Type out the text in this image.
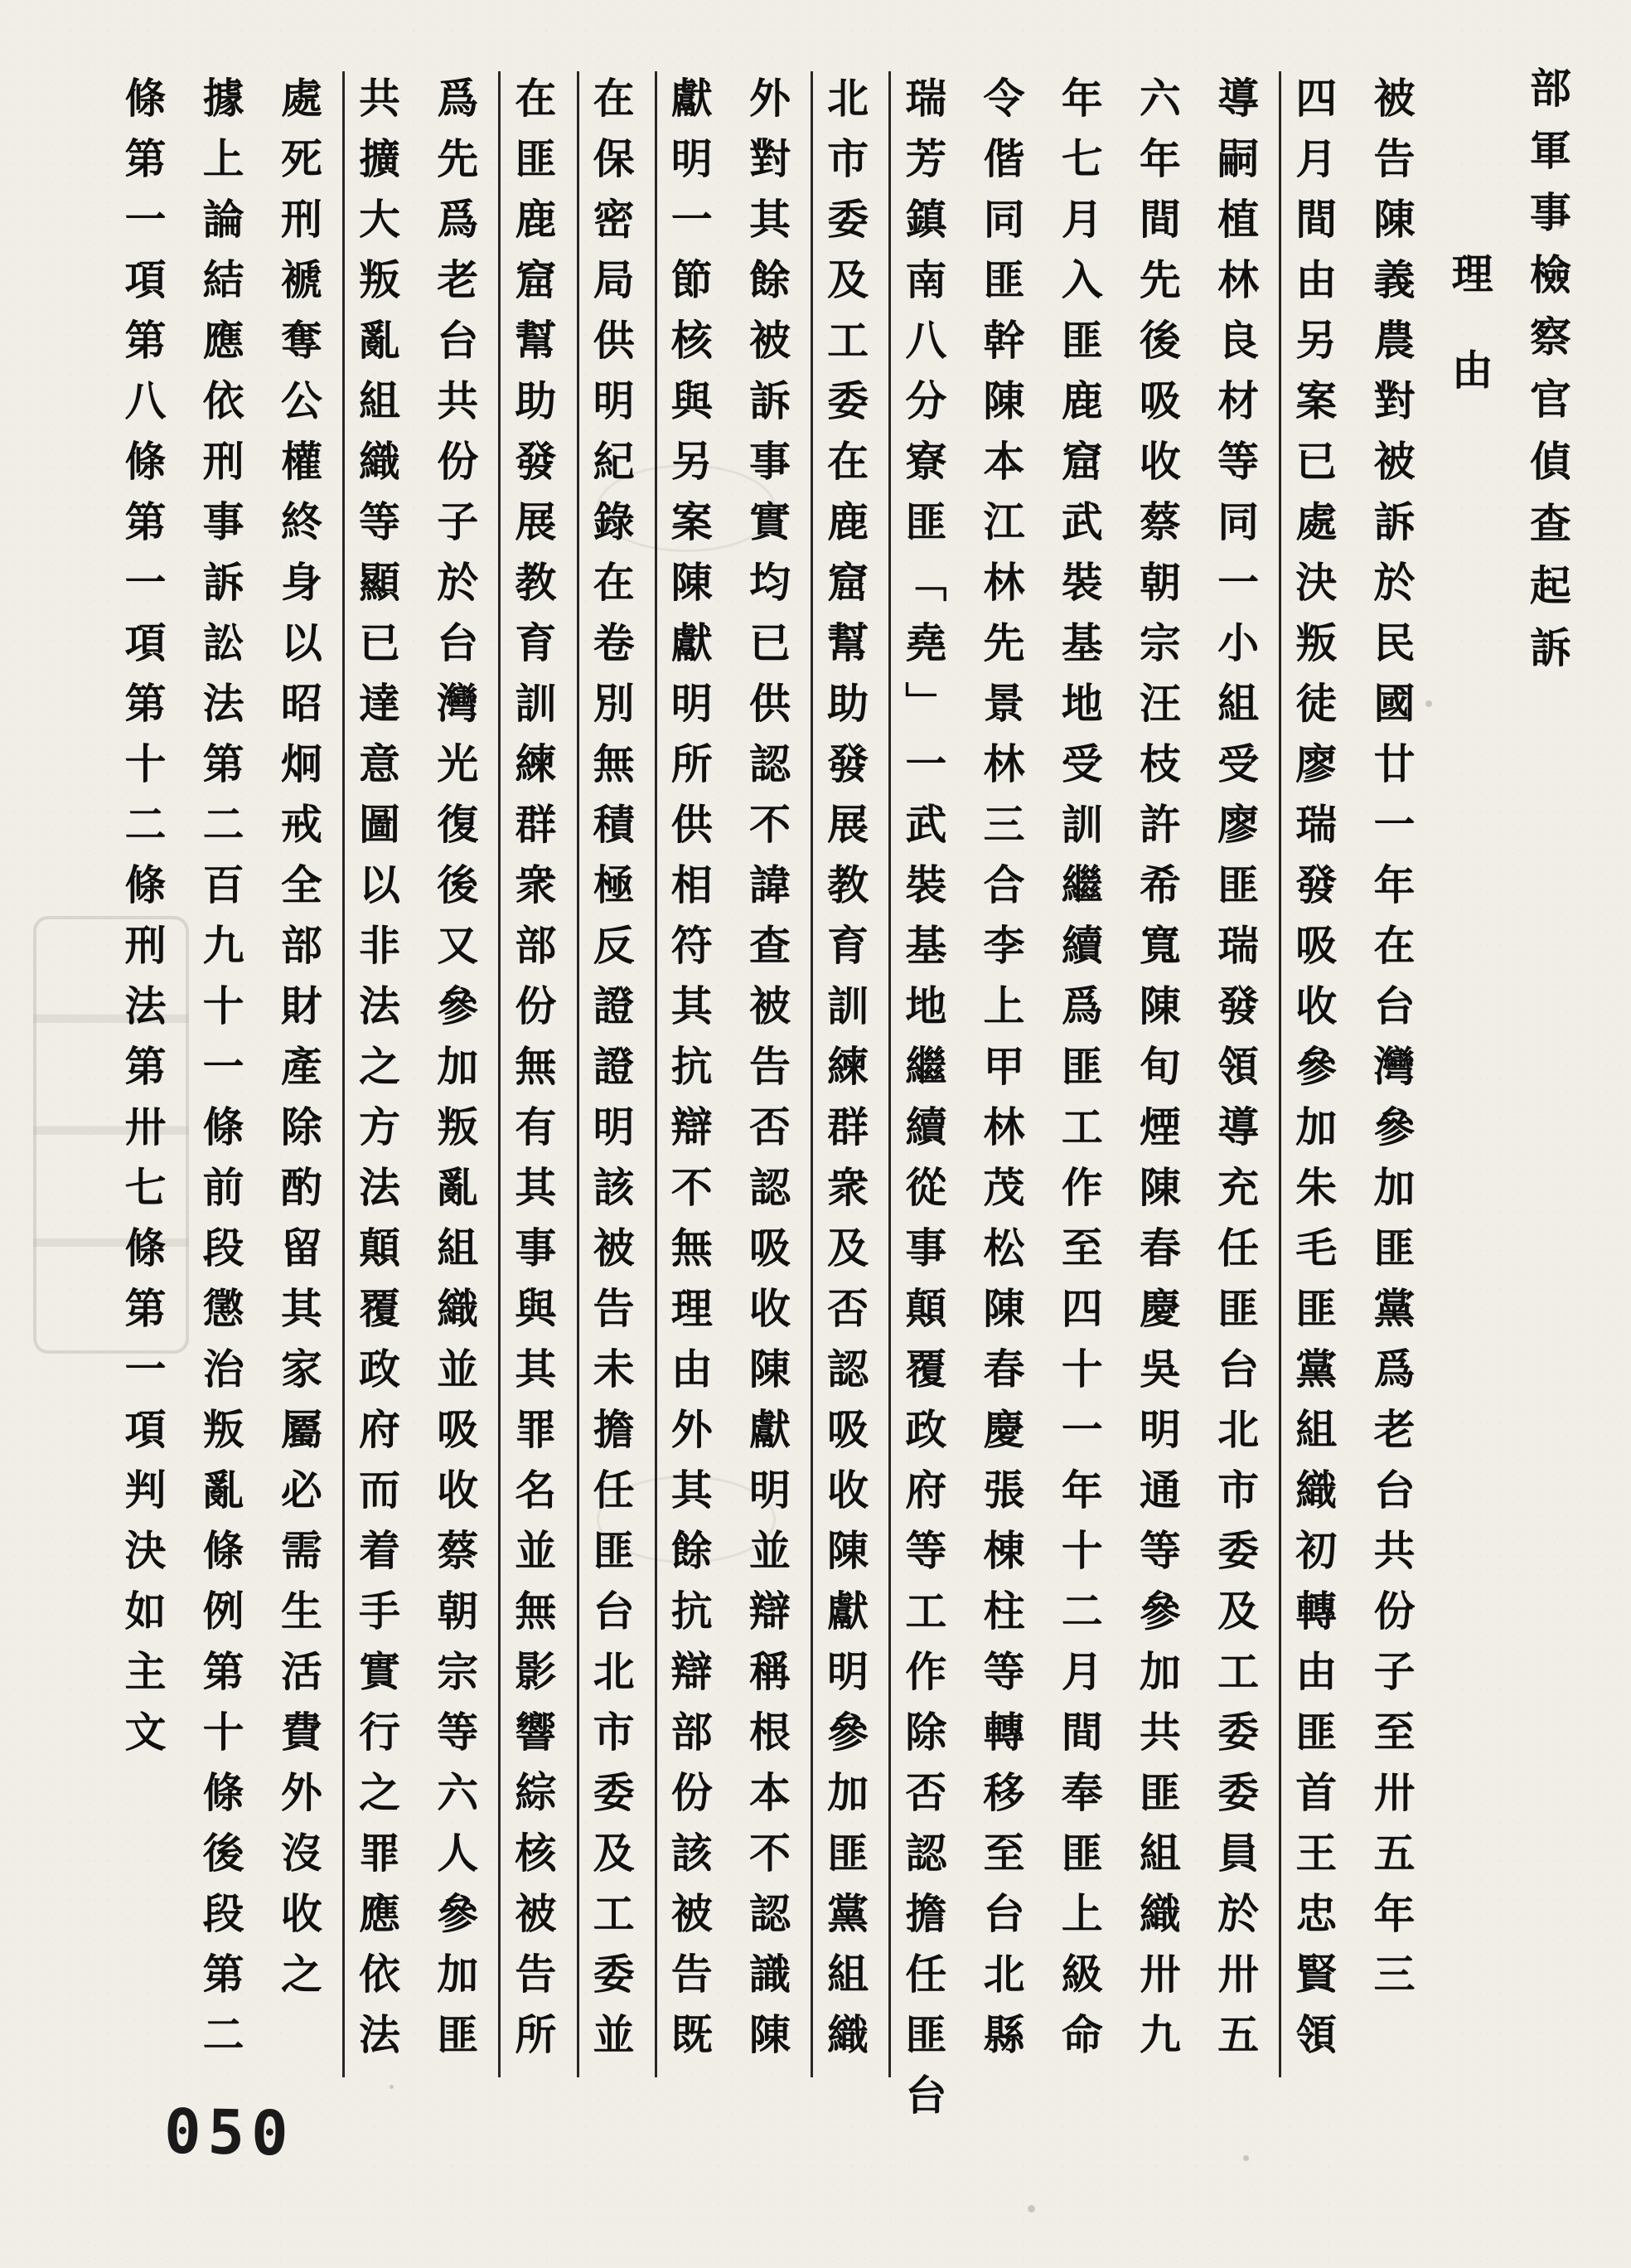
部軍事檢察官偵查起訴
理由
被告陳義農對被訴於民國廿一年在台灣參加匪黨爲老台共份子至卅五年三
四月間由另案已處決叛徒廖瑞發吸收參加朱毛匪黨組織初轉由匪首王忠賢領
導嗣植林良材等同一小組受廖匪瑞發領導充任匪台北市委及工委委員於卅五
六年間先後吸收蔡朝宗汪枝許希寬陳旬煙陳春慶吳明通等參加共匪組織卅九
年七月入匪鹿窟武裝基地受訓繼續爲匪工作至四十一年十二月間奉匪上級命
令偕同匪幹陳本江林先景林三合李上甲林茂松陳春慶張棟柱等轉移至台北縣
瑞芳鎮南八分寮匪「堯」一武裝基地繼續從事顛覆政府等工作除否認擔任匪台
北市委及工委在鹿窟幫助發展教育訓練群衆及否認吸收陳獻明參加匪黨組織
外對其餘被訴事實均已供認不諱查被告否認吸收陳獻明並辯稱根本不認識陳
獻明一節核與另案陳獻明所供相符其抗辯不無理由外其餘抗辯部份該被告既
在保密局供明紀錄在卷別無積極反證證明該被告未擔任匪台北市委及工委並
在匪鹿窟幫助發展教育訓練群衆部份無有其事與其罪名並無影響綜核被告所
爲先爲老台共份子於台灣光復後又參加叛亂組織並吸收蔡朝宗等六人參加匪
共擴大叛亂組織等顯已達意圖以非法之方法顛覆政府而着手實行之罪應依法
處死刑褫奪公權終身以昭炯戒全部財產除酌留其家屬必需生活費外沒收之
據上論結應依刑事訴訟法第二百九十一條前段懲治叛亂條例第十條後段第二
條第一項第八條第一項第十二條刑法第卅七條第一項判決如主文
050
